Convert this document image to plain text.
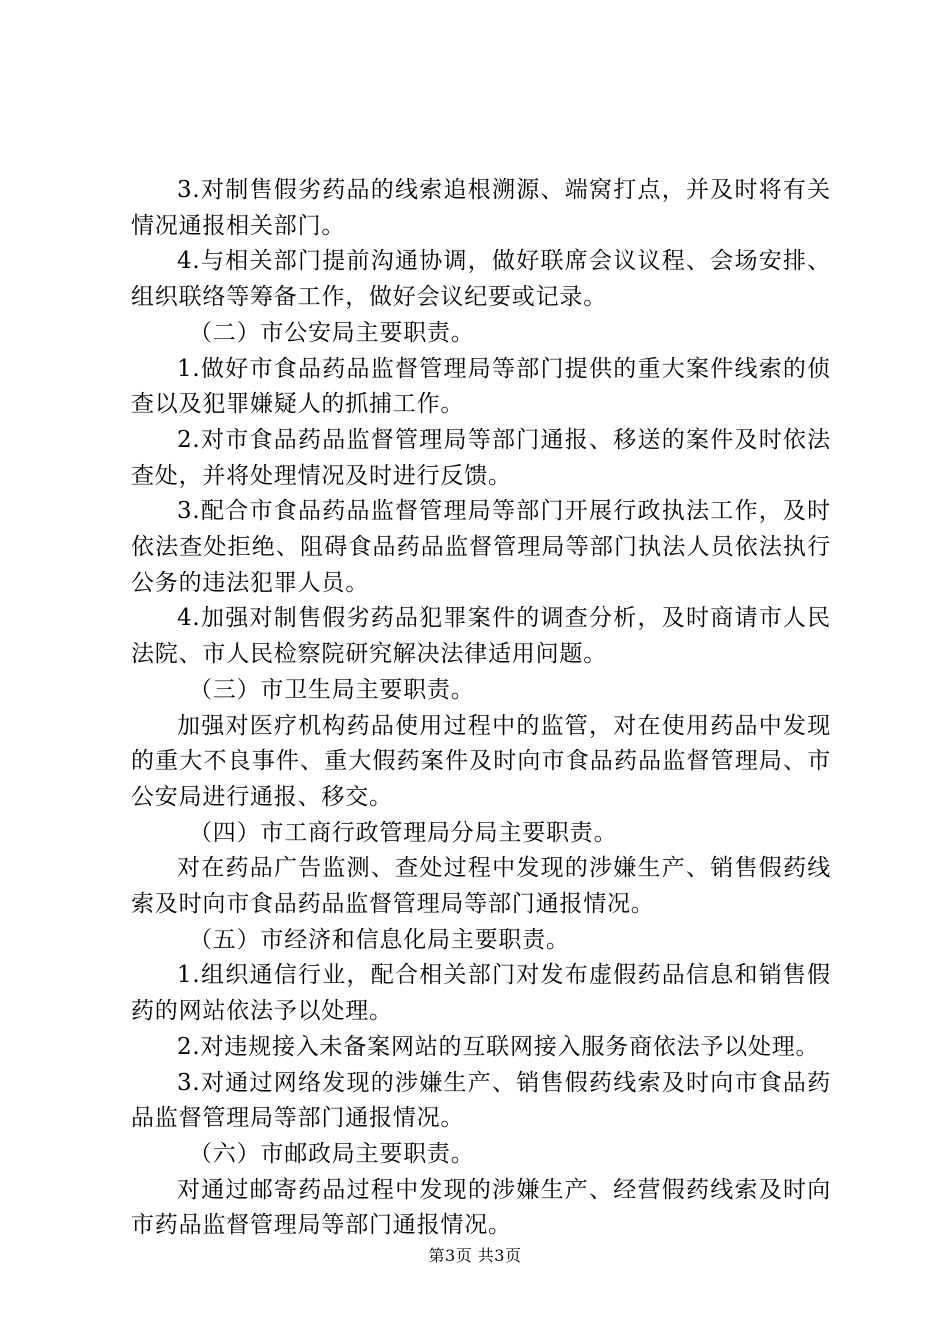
3.对制售假劣药品的线索追根溯源、端窝打点，并及时将有关情况通报相关部门。

4.与相关部门提前沟通协调，做好联席会议议程、会场安排、组织联络等筹备工作，做好会议纪要或记录。

（二）市公安局主要职责。

1.做好市食品药品监督管理局等部门提供的重大案件线索的侦查以及犯罪嫌疑人的抓捕工作。

2.对市食品药品监督管理局等部门通报、移送的案件及时依法查处，并将处理情况及时进行反馈。

3.配合市食品药品监督管理局等部门开展行政执法工作，及时依法查处拒绝、阻碍食品药品监督管理局等部门执法人员依法执行公务的违法犯罪人员。

4.加强对制售假劣药品犯罪案件的调查分析，及时商请市人民法院、市人民检察院研究解决法律适用问题。

（三）市卫生局主要职责。

加强对医疗机构药品使用过程中的监管，对在使用药品中发现的重大不良事件、重大假药案件及时向市食品药品监督管理局、市公安局进行通报、移交。

（四）市工商行政管理局分局主要职责。

对在药品广告监测、查处过程中发现的涉嫌生产、销售假药线索及时向市食品药品监督管理局等部门通报情况。

（五）市经济和信息化局主要职责。

1.组织通信行业，配合相关部门对发布虚假药品信息和销售假药的网站依法予以处理。

2.对违规接入未备案网站的互联网接入服务商依法予以处理。

3.对通过网络发现的涉嫌生产、销售假药线索及时向市食品药品监督管理局等部门通报情况。

（六）市邮政局主要职责。

对通过邮寄药品过程中发现的涉嫌生产、经营假药线索及时向市药品监督管理局等部门通报情况。

第3页 共3页
